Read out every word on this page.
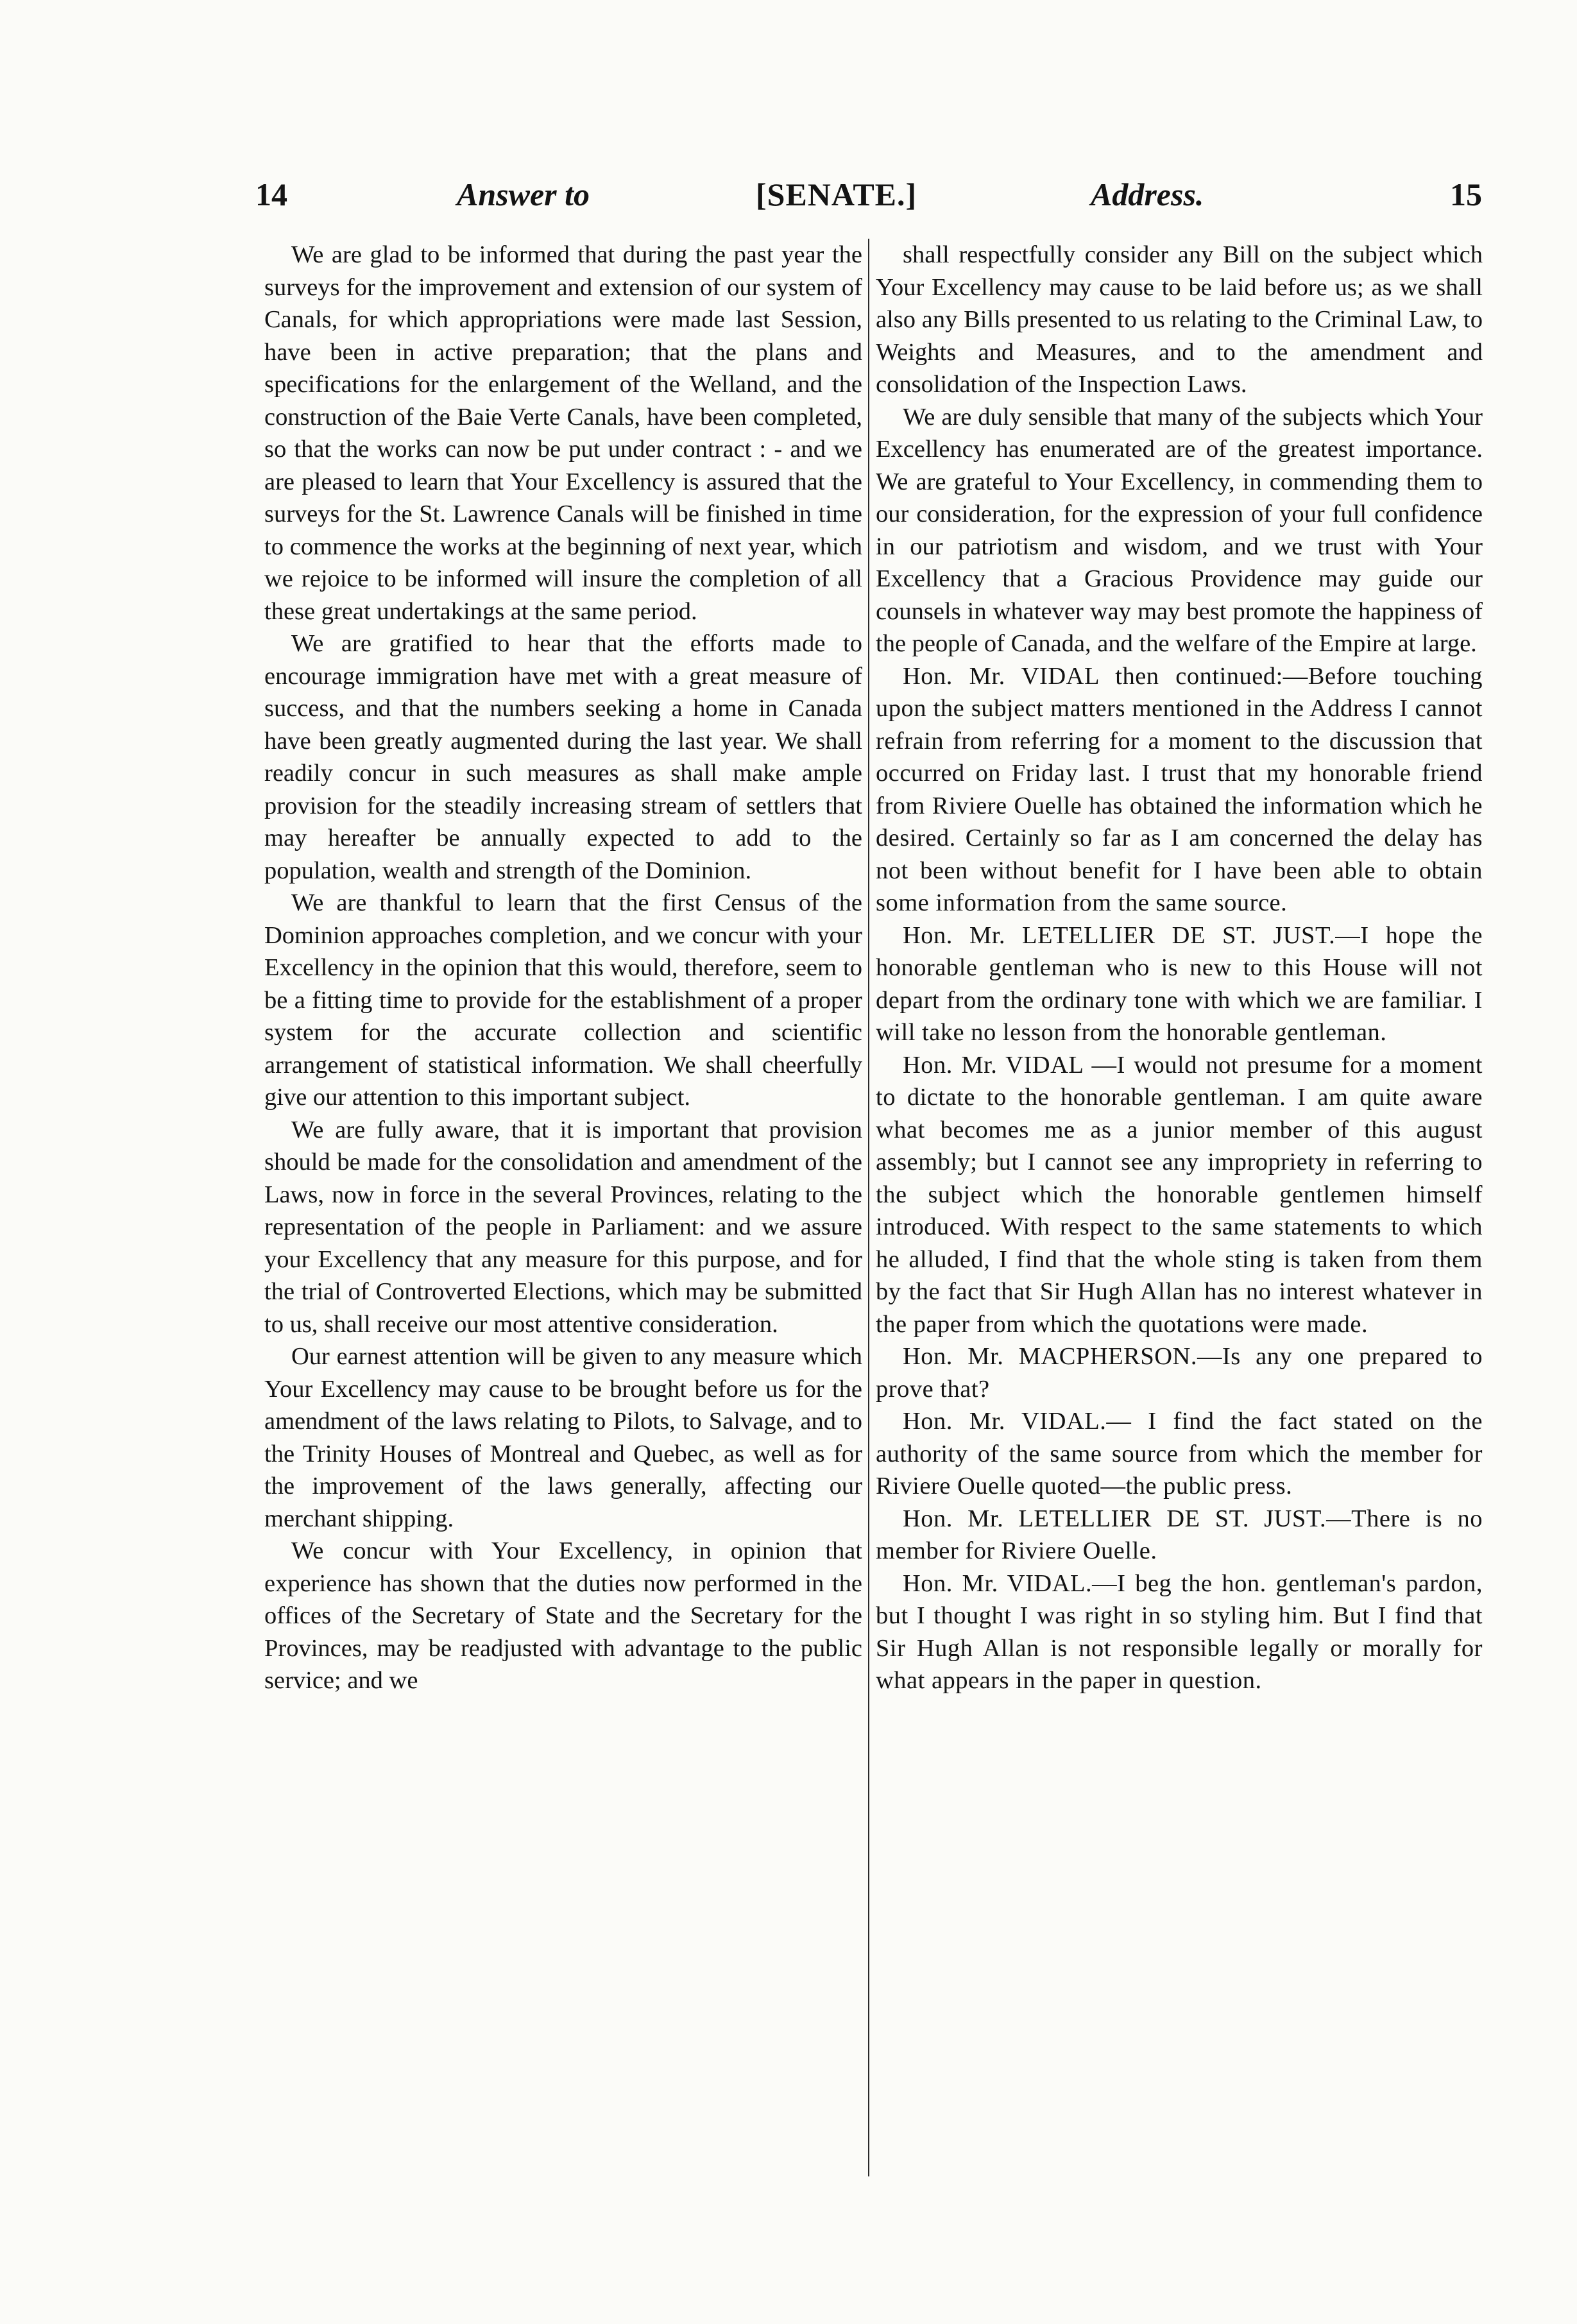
14	Answer to	[SENATE.]	Address.	15

We are glad to be informed that during the past year the surveys for the improvement and extension of our system of Canals, for which appropriations were made last Session, have been in active preparation; that the plans and specifications for the enlargement of the Welland, and the construction of the Baie Verte Canals, have been completed, so that the works can now be put under contract : - and we are pleased to learn that Your Excellency is assured that the surveys for the St. Lawrence Canals will be finished in time to commence the works at the beginning of next year, which we rejoice to be informed will insure the completion of all these great undertakings at the same period.

We are gratified to hear that the efforts made to encourage immigration have met with a great measure of success, and that the numbers seeking a home in Canada have been greatly augmented during the last year. We shall readily concur in such measures as shall make ample provision for the steadily increasing stream of settlers that may hereafter be annually expected to add to the population, wealth and strength of the Dominion.

We are thankful to learn that the first Census of the Dominion approaches completion, and we concur with your Excellency in the opinion that this would, therefore, seem to be a fitting time to provide for the establishment of a proper system for the accurate collection and scientific arrangement of statistical information. We shall cheerfully give our attention to this important subject.

We are fully aware, that it is important that provision should be made for the consolidation and amendment of the Laws, now in force in the several Provinces, relating to the representation of the people in Parliament: and we assure your Excellency that any measure for this purpose, and for the trial of Controverted Elections, which may be submitted to us, shall receive our most attentive consideration.

Our earnest attention will be given to any measure which Your Excellency may cause to be brought before us for the amendment of the laws relating to Pilots, to Salvage, and to the Trinity Houses of Montreal and Quebec, as well as for the improvement of the laws generally, affecting our merchant shipping.

We concur with Your Excellency, in opinion that experience has shown that the duties now performed in the offices of the Secretary of State and the Secretary for the Provinces, may be readjusted with advantage to the public service; and we

shall respectfully consider any Bill on the subject which Your Excellency may cause to be laid before us; as we shall also any Bills presented to us relating to the Criminal Law, to Weights and Measures, and to the amendment and consolidation of the Inspection Laws.

We are duly sensible that many of the subjects which Your Excellency has enumerated are of the greatest importance. We are grateful to Your Excellency, in commending them to our consideration, for the expression of your full confidence in our patriotism and wisdom, and we trust with Your Excellency that a Gracious Providence may guide our counsels in whatever way may best promote the happiness of the people of Canada, and the welfare of the Empire at large.

Hon. Mr. VIDAL then continued:—Before touching upon the subject matters mentioned in the Address I cannot refrain from referring for a moment to the discussion that occurred on Friday last. I trust that my honorable friend from Riviere Ouelle has obtained the information which he desired. Certainly so far as I am concerned the delay has not been without benefit for I have been able to obtain some information from the same source.

Hon. Mr. LETELLIER DE ST. JUST.—I hope the honorable gentleman who is new to this House will not depart from the ordinary tone with which we are familiar. I will take no lesson from the honorable gentleman.

Hon. Mr. VIDAL —I would not presume for a moment to dictate to the honorable gentleman. I am quite aware what becomes me as a junior member of this august assembly; but I cannot see any impropriety in referring to the subject which the honorable gentlemen himself introduced. With respect to the same statements to which he alluded, I find that the whole sting is taken from them by the fact that Sir Hugh Allan has no interest whatever in the paper from which the quotations were made.

Hon. Mr. MACPHERSON.—Is any one prepared to prove that?

Hon. Mr. VIDAL.— I find the fact stated on the authority of the same source from which the member for Riviere Ouelle quoted—the public press.

Hon. Mr. LETELLIER DE ST. JUST.—There is no member for Riviere Ouelle.

Hon. Mr. VIDAL.—I beg the hon. gentleman's pardon, but I thought I was right in so styling him. But I find that Sir Hugh Allan is not responsible legally or morally for what appears in the paper in question.
